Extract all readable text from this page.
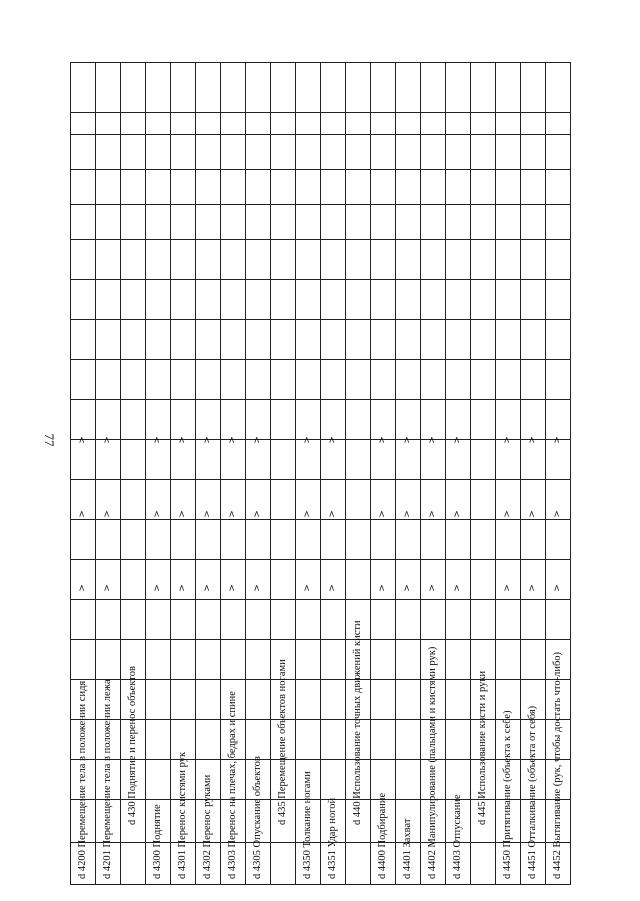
77
d 4200 Перемещение тела в положении сидя
>
>
>
d 4201 Перемещение тела в положении лежа
>
>
>
d 430 Поднятие и перенос объектов
d 4300 Поднятие
>
>
>
d 4301 Перенос кистями рук
>
>
>
d 4302 Перенос руками
>
>
>
d 4303 Перенос на плечах, бедрах и спине
>
>
>
d 4305 Опускание объектов
>
>
>
d 435 Перемещение объектов ногами
d 4350 Толкание ногами
>
>
>
d 4351 Удар ногой
>
>
>
d 440 Использование точных движений кисти
d 4400 Подбирание
>
>
>
d 4401 Захват
>
>
>
d 4402 Манипулирование (пальцами и кистями рук)
>
>
>
d 4403 Отпускание
>
>
>
d 445 Использование кисти и руки d 4450 Притягивание (объекта к себе)
>
>
>
d 4451 Отталкивание (объекта от себя)
>
>
>
d 4452 Вытягивание (рук, чтобы достать что-либо)
>
>
>
